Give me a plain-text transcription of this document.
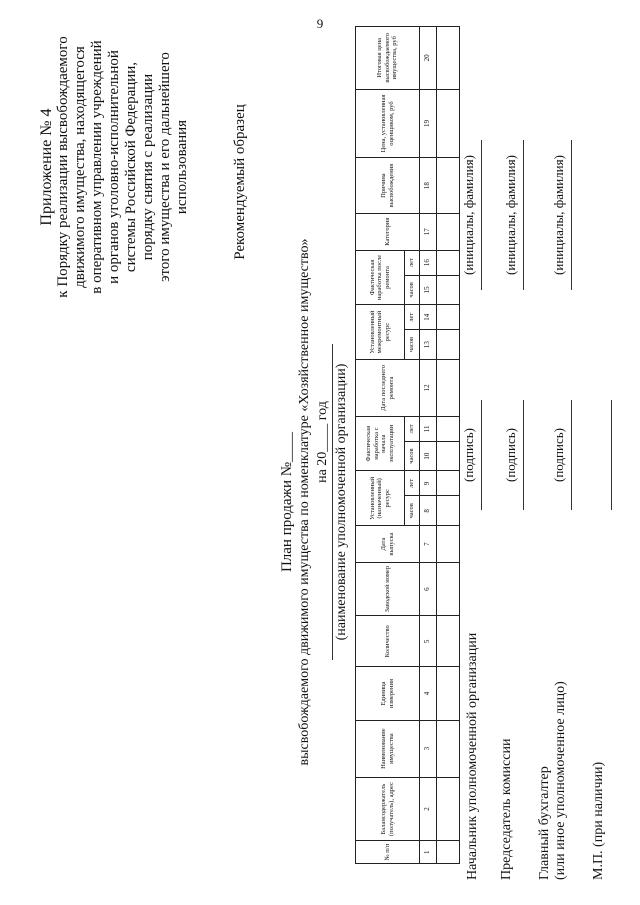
9
Приложение № 4 к Порядку реализации высвобождаемого движимого имущества, находящегося в оперативном управлении учреждений и органов уголовно-исполнительной системы Российской Федерации, порядку снятия с реализации этого имущества и его дальнейшего использования	Рекомендуемый образец
План продажи №____ высвобождаемого движимого имущества по номенклатуре «Хозяйственное имущество» на 20____ год (наименование уполномоченной организации)
№ п/п	Балансодержатель (получатель), адрес	Наименование имущества	Единица измерения	Количество	Заводской номер	Дата выпуска	Установленный (назначенный) ресурс		Фактическая наработка с начала эксплуатации		Дата последнего ремонта	Установленный межремонтный ресурс		Фактическая наработка после ремонта		Категория	Причина высвобождения	Цена, установленная оценщиком, руб	Итоговая цена высвобождаемого имущества, руб
							часов	лет	часов	лет		часов	лет	часов	лет				
1	2	3	4	5	6	7	8	9	10	11	12	13	14	15	16	17	18	19	20

Начальник уполномоченной организации
(подпись)
(инициалы, фамилия)
Председатель комиссии
(подпись)
(инициалы, фамилия)
Главный бухгалтер (или иное уполномоченное лицо)
(подпись)
(инициалы, фамилия)
М.П. (при наличии)
